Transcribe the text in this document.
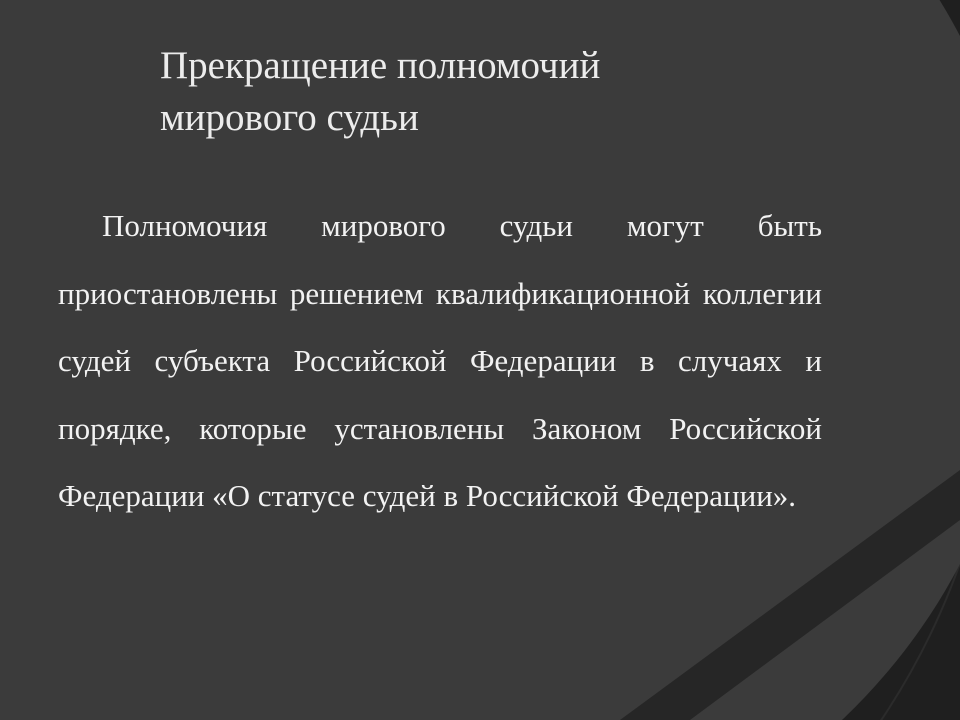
Прекращение полномочий
мирового судьи

Полномочия мирового судьи могут быть приостановлены решением квалификационной коллегии судей субъекта Российской Федерации в случаях и порядке, которые установлены Законом Российской Федерации «О статусе судей в Российской Федерации».
